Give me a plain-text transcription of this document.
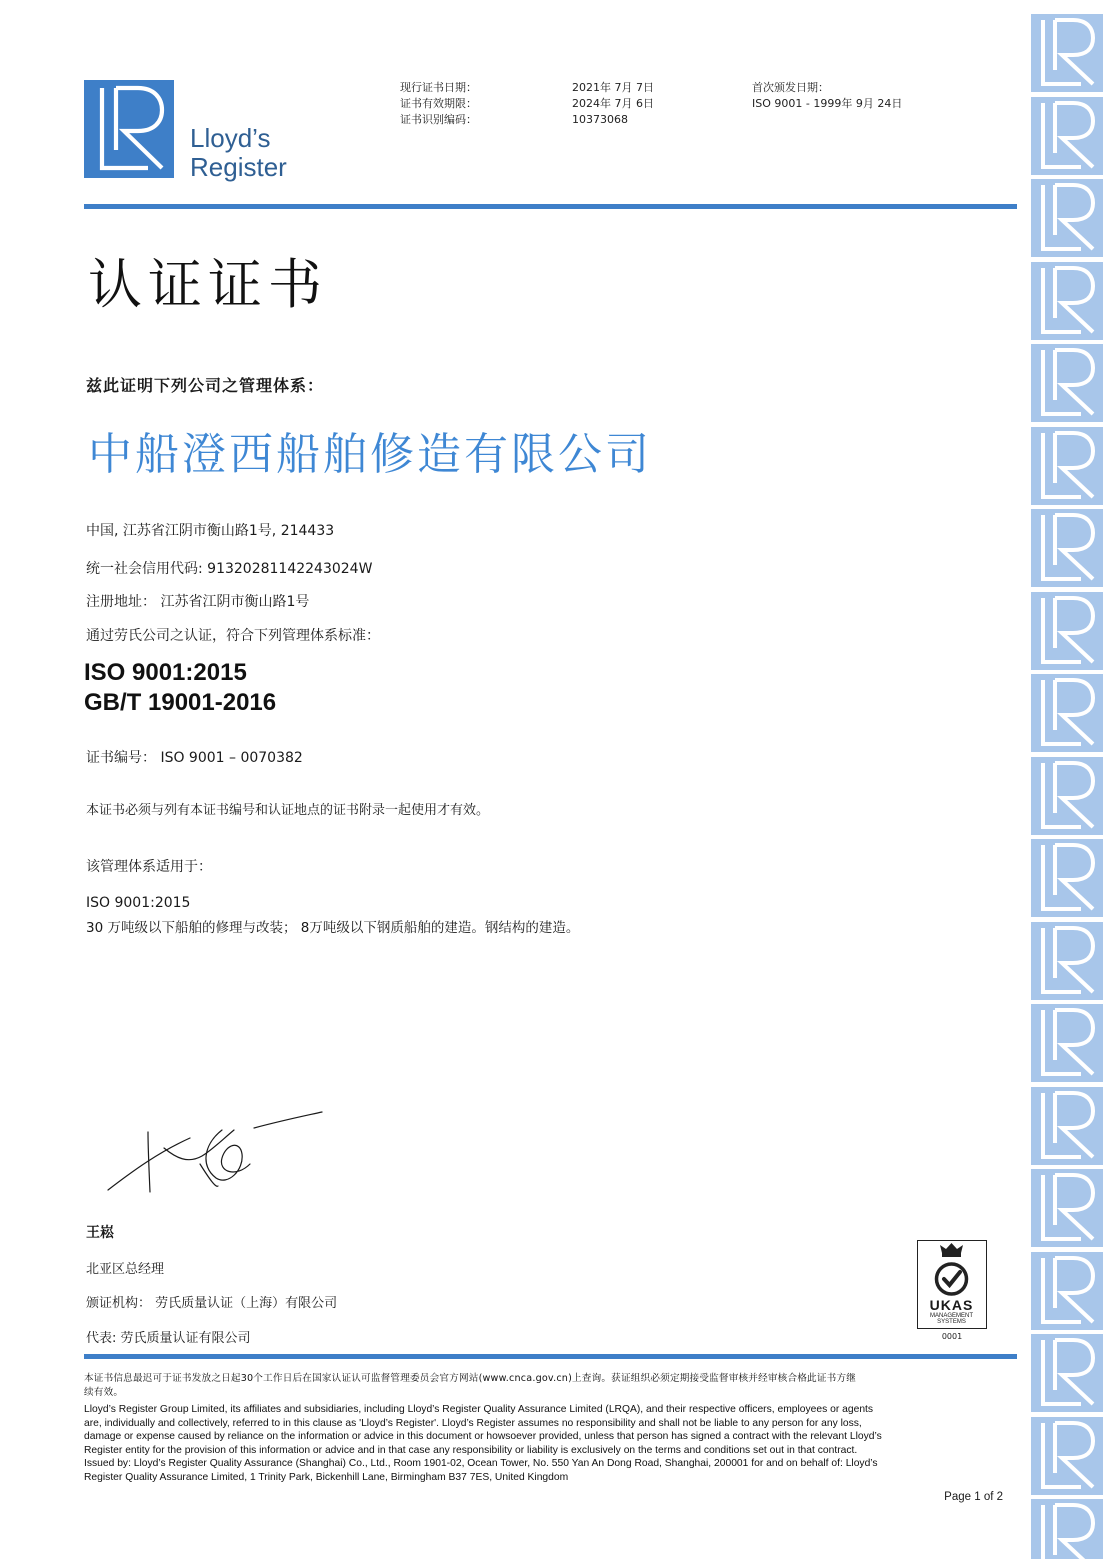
Lloyd’s
Register
现行证书日期：
证书有效期限：
证书识别编码：
2021年 7月 7日
2024年 7月 6日
10373068
首次颁发日期：
ISO 9001 - 1999年 9月 24日
认证证书
兹此证明下列公司之管理体系：
中船澄西船舶修造有限公司
中国, 江苏省江阴市衡山路1号, 214433
统一社会信用代码: 91320281142243024W
注册地址： 江苏省江阴市衡山路1号
通过劳氏公司之认证，符合下列管理体系标准：
ISO 9001:2015
GB/T 19001-2016
证书编号： ISO 9001 – 0070382
本证书必须与列有本证书编号和认证地点的证书附录一起使用才有效。
该管理体系适用于：
ISO 9001:2015
30 万吨级以下船舶的修理与改装； 8万吨级以下钢质船舶的建造。钢结构的建造。
王崧
北亚区总经理
颁证机构： 劳氏质量认证（上海）有限公司
代表: 劳氏质量认证有限公司
UKAS
MANAGEMENT
SYSTEMS
0001
本证书信息最迟可于证书发放之日起30个工作日后在国家认证认可监督管理委员会官方网站(www.cnca.gov.cn)上查询。获证组织必须定期接受监督审核并经审核合格此证书方继
续有效。
Lloyd’s Register Group Limited, its affiliates and subsidiaries, including Lloyd’s Register Quality Assurance Limited (LRQA), and their respective officers, employees or agents
are, individually and collectively, referred to in this clause as 'Lloyd’s Register'. Lloyd’s Register assumes no responsibility and shall not be liable to any person for any loss,
damage or expense caused by reliance on the information or advice in this document or howsoever provided, unless that person has signed a contract with the relevant Lloyd’s
Register entity for the provision of this information or advice and in that case any responsibility or liability is exclusively on the terms and conditions set out in that contract.
Issued by: Lloyd’s Register Quality Assurance (Shanghai) Co., Ltd., Room 1901-02, Ocean Tower, No. 550 Yan An Dong Road, Shanghai, 200001 for and on behalf of: Lloyd’s
Register Quality Assurance Limited, 1 Trinity Park, Bickenhill Lane, Birmingham B37 7ES, United Kingdom
Page 1 of 2
